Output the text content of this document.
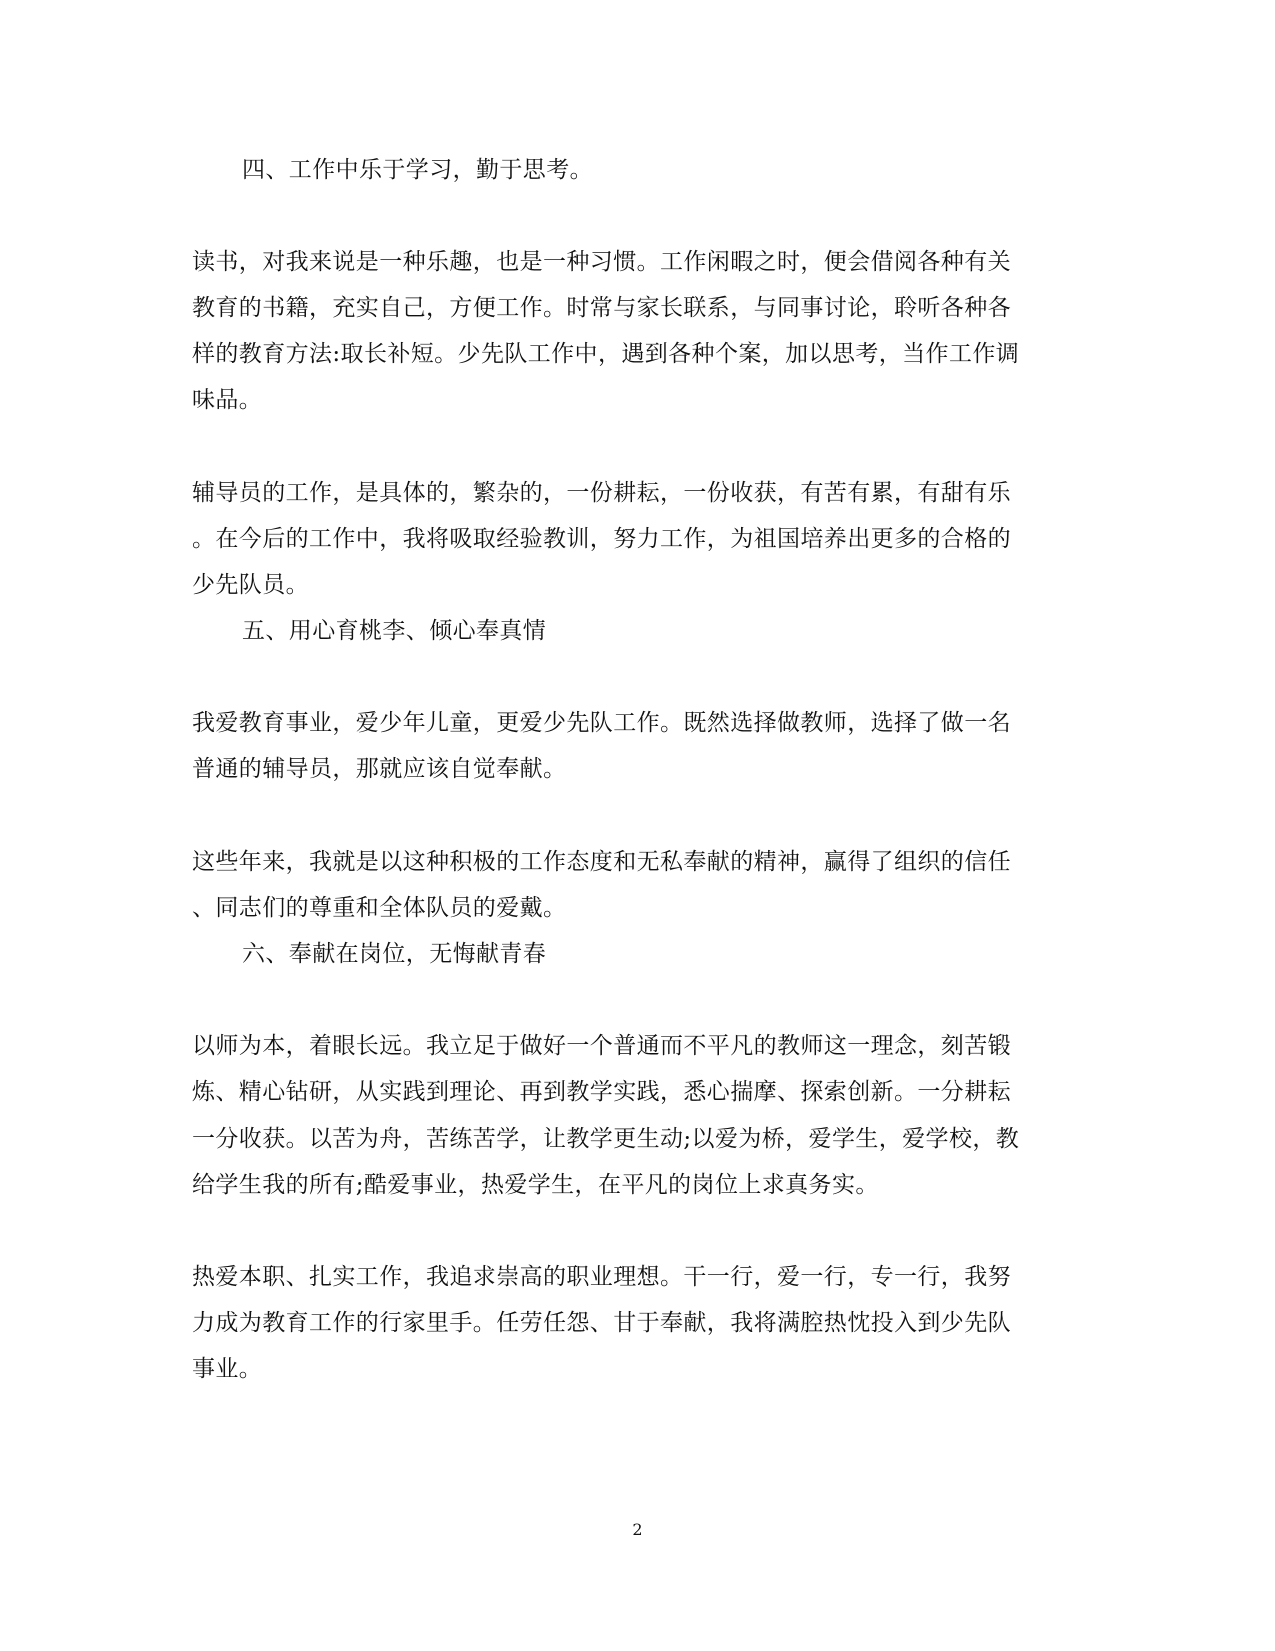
四、工作中乐于学习，勤于思考。
读书，对我来说是一种乐趣，也是一种习惯。工作闲暇之时，便会借阅各种有关
教育的书籍，充实自己，方便工作。时常与家长联系，与同事讨论，聆听各种各
样的教育方法:取长补短。少先队工作中，遇到各种个案，加以思考，当作工作调
味品。
辅导员的工作，是具体的，繁杂的，一份耕耘，一份收获，有苦有累，有甜有乐
。在今后的工作中，我将吸取经验教训，努力工作，为祖国培养出更多的合格的
少先队员。
五、用心育桃李、倾心奉真情
我爱教育事业，爱少年儿童，更爱少先队工作。既然选择做教师，选择了做一名
普通的辅导员，那就应该自觉奉献。
这些年来，我就是以这种积极的工作态度和无私奉献的精神，赢得了组织的信任
、同志们的尊重和全体队员的爱戴。
六、奉献在岗位，无悔献青春
以师为本，着眼长远。我立足于做好一个普通而不平凡的教师这一理念，刻苦锻
炼、精心钻研，从实践到理论、再到教学实践，悉心揣摩、探索创新。一分耕耘
一分收获。以苦为舟，苦练苦学，让教学更生动;以爱为桥，爱学生，爱学校，教
给学生我的所有;酷爱事业，热爱学生，在平凡的岗位上求真务实。
热爱本职、扎实工作，我追求崇高的职业理想。干一行，爱一行，专一行，我努
力成为教育工作的行家里手。任劳任怨、甘于奉献，我将满腔热忱投入到少先队
事业。
2
